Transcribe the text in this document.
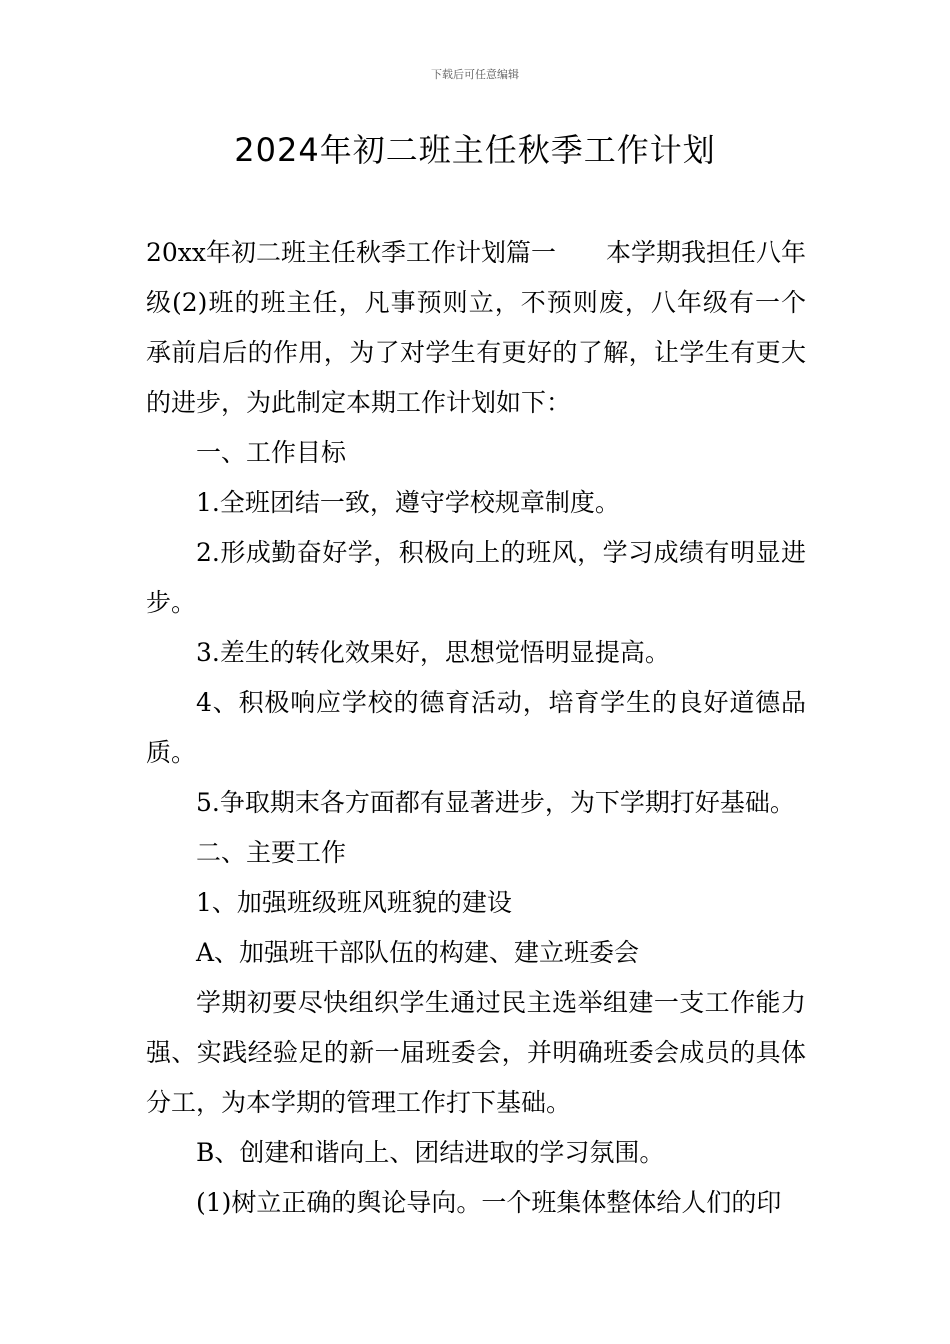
下载后可任意编辑
2024年初二班主任秋季工作计划

20xx年初二班主任秋季工作计划篇一　　本学期我担任八年级(2)班的班主任，凡事预则立，不预则废，八年级有一个承前启后的作用，为了对学生有更好的了解，让学生有更大的进步，为此制定本期工作计划如下：

一、工作目标

1.全班团结一致，遵守学校规章制度。

2.形成勤奋好学，积极向上的班风，学习成绩有明显进步。

3.差生的转化效果好，思想觉悟明显提高。

4、积极响应学校的德育活动，培育学生的良好道德品质。

5.争取期末各方面都有显著进步，为下学期打好基础。

二、主要工作

1、加强班级班风班貌的建设

A、加强班干部队伍的构建、建立班委会

学期初要尽快组织学生通过民主选举组建一支工作能力强、实践经验足的新一届班委会，并明确班委会成员的具体分工，为本学期的管理工作打下基础。

B、创建和谐向上、团结进取的学习氛围。

(1)树立正确的舆论导向。一个班集体整体给人们的印
